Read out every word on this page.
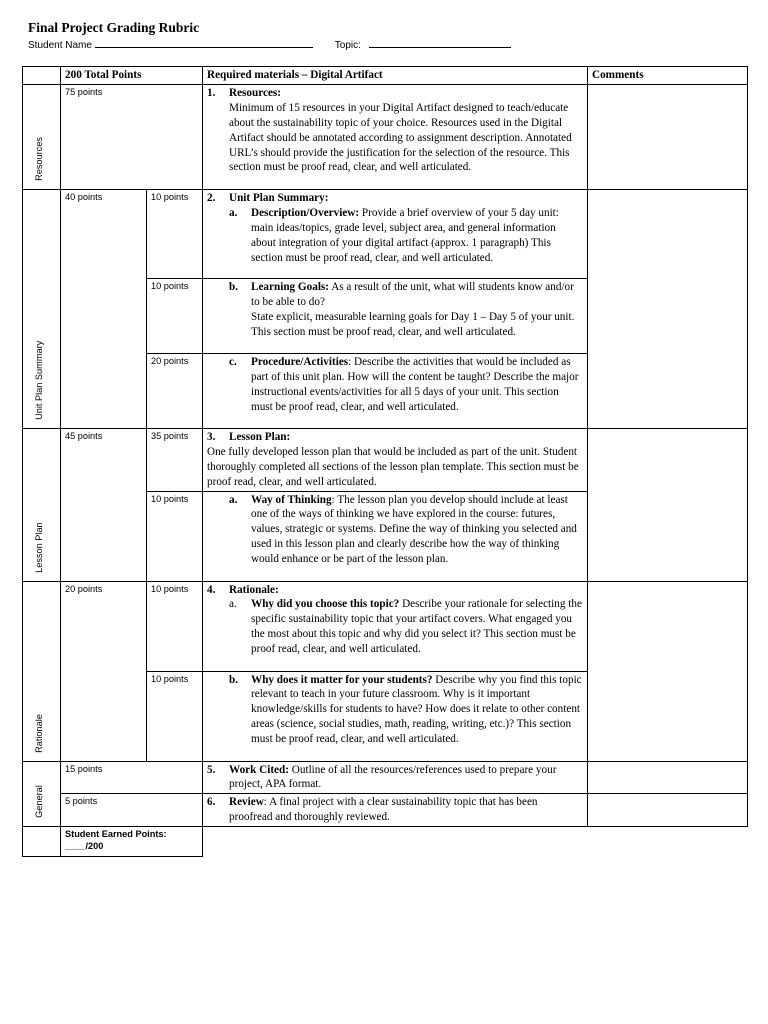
Final Project Grading Rubric
Student Name	Topic:
	200 Total Points		Required materials – Digital Artifact	Comments

Resources	75 points		1. Resources:
Minimum of 15 resources in your Digital Artifact designed to teach/educate about the sustainability topic of your choice. Resources used in the Digital Artifact should be annotated according to assignment description. Annotated URL’s should provide the justification for the selection of the resource. This section must be proof read, clear, and well articulated.	

Unit Plan Summary	40 points	10 points	2. Unit Plan Summary:
a. Description/Overview: Provide a brief overview of your 5 day unit: main ideas/topics, grade level, subject area, and general information about integration of your digital artifact (approx. 1 paragraph) This section must be proof read, clear, and well articulated.	

		10 points	b. Learning Goals: As a result of the unit, what will students know and/or to be able to do?
State explicit, measurable learning goals for Day 1 – Day 5 of your unit. This section must be proof read, clear, and well articulated.	

		20 points	c. Procedure/Activities: Describe the activities that would be included as part of this unit plan. How will the content be taught? Describe the major instructional events/activities for all 5 days of your unit. This section must be proof read, clear, and well articulated.	

Lesson Plan	45 points	35 points	3. Lesson Plan:
One fully developed lesson plan that would be included as part of the unit. Student thoroughly completed all sections of the lesson plan template. This section must be proof read, clear, and well articulated.	

		10 points	a. Way of Thinking: The lesson plan you develop should include at least one of the ways of thinking we have explored in the course: futures, values, strategic or systems. Define the way of thinking you selected and used in this lesson plan and clearly describe how the way of thinking would enhance or be part of the lesson plan.	

Rationale	20 points	10 points	4. Rationale:
a. Why did you choose this topic? Describe your rationale for selecting the specific sustainability topic that your artifact covers. What engaged you the most about this topic and why did you select it? This section must be proof read, clear, and well articulated.	

		10 points	b. Why does it matter for your students? Describe why you find this topic relevant to teach in your future classroom. Why is it important knowledge/skills for students to have? How does it relate to other content areas (science, social studies, math, reading, writing, etc.)? This section must be proof read, clear, and well articulated.	

General	15 points		5. Work Cited: Outline of all the resources/references used to prepare your project, APA format.	

	5 points		6. Review: A final project with a clear sustainability topic that has been proofread and thoroughly reviewed.	

	Student Earned Points:
____/200			
